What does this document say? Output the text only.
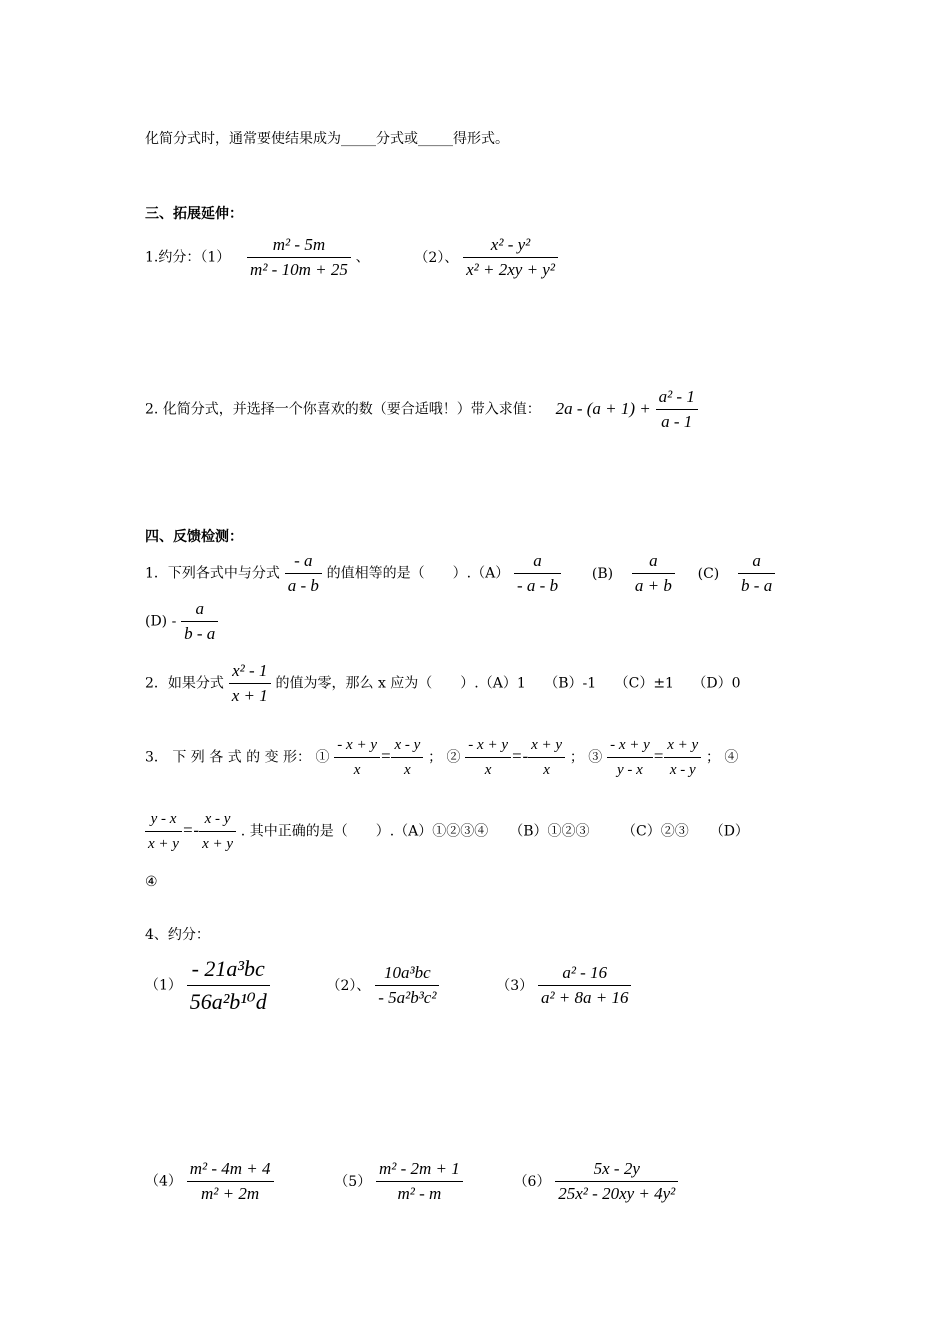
化简分式时，通常要使结果成为_____分式或_____得形式。
三、拓展延伸：
1.约分：$(1) \frac{\text{m² - 5m}}{\text{m² - 10m + 25}}$ 、	（2）、 $\frac{\text{x² - y²}}{\text{x² + 2xy + y²}}$
2. 化简分式，并选择一个你喜欢的数（要合适哦！）带入求值： $2a - (a + 1) + \frac{\text{a² - 1}}{a - 1}$
四、反馈检测：
1．下列各式中与分式 $\frac{- a}{a - b}$ 的值相等的是（　　）$.(A) \frac{a}{- a - b} (B) \frac{a}{a + b} (C) \frac{a}{b - a}$
$(D) - \frac{a}{b - a}$
2．如果分式 $\frac{\text{x² - 1}}{x + 1}$ 的值为零，那么 x 应为（　　）.（A）1　 （B）-1　 （C）±1　 （D）0
3． 下 列 各 式 的 变 形： ① $\frac{- x + y}{x} = \frac{x - y}{x}$ ； ② $\frac{- x + y}{x} =- \frac{x + y}{x}$ ； ③ $\frac{- x + y}{y - x} = \frac{x + y}{x - y}$ ； ④
$\frac{y - x}{x + y} =- \frac{x - y}{x + y}$ . 其中正确的是（　　）.（A）①②③④　　（B）①②③　　 （C）②③　　（D）
④
4、约分：
$(1) \frac{\text{- 21a³bc}}{\text{56a²b¹⁰d}}$	（2）、 $\frac{\text{10a³bc}}{\text{- 5a²b³c²}}$	$(3) \frac{\text{a² - 16}}{\text{a² + 8a + 16}}$
$(4) \frac{\text{m² - 4m + 4}}{\text{m² + 2m}}$	$(5) \frac{\text{m² - 2m + 1}}{\text{m² - m}}$	$(6) \frac{5x - 2y}{\text{25x² - 20xy + 4y²}}$
